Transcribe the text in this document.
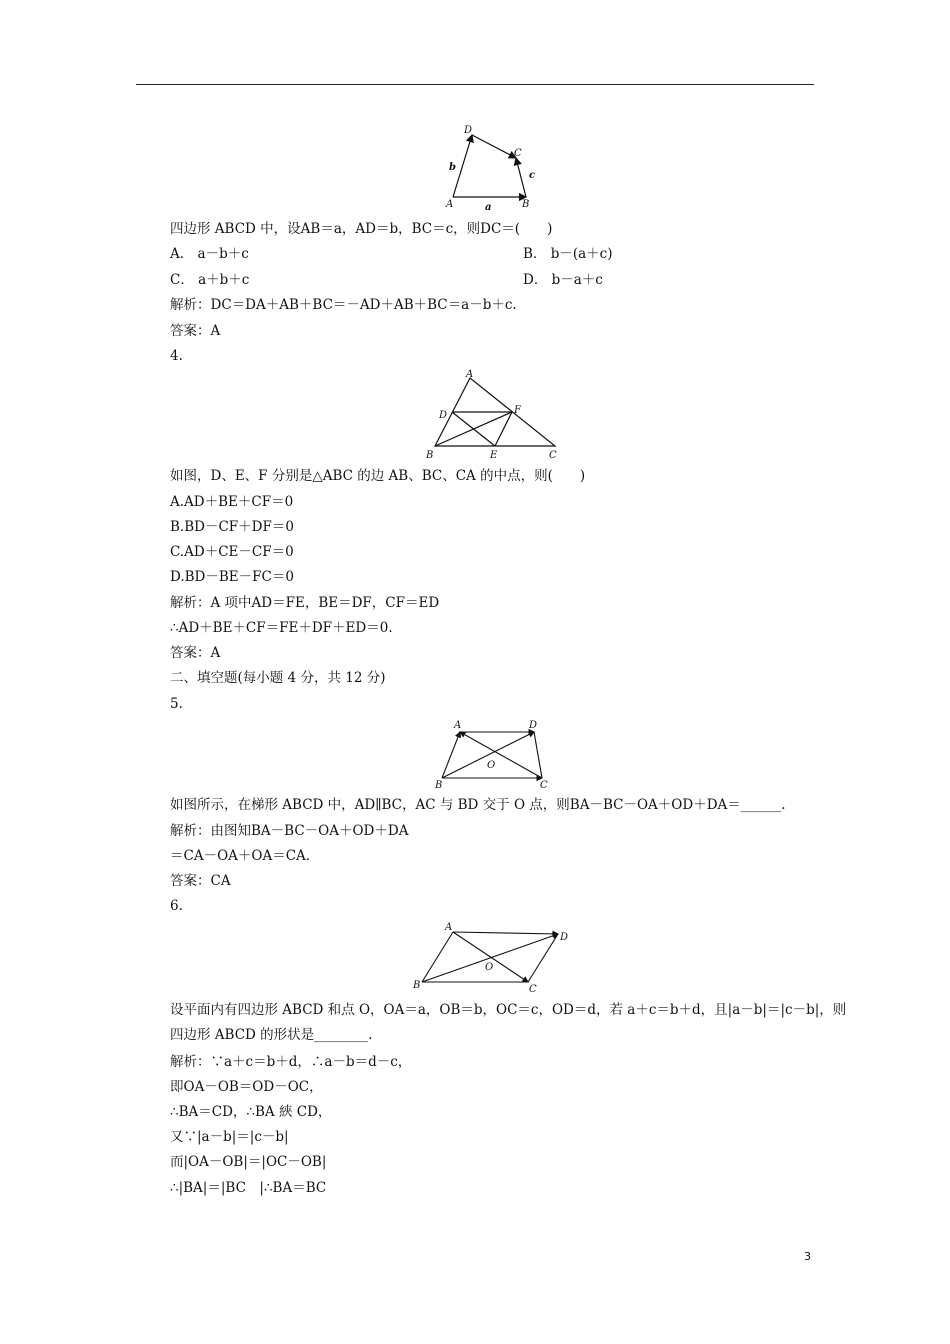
D
C
A	B
a
b
c
四边形 ABCD 中，设AB＝a，AD＝b，BC＝c，则DC＝(　　)
A． a－b＋c	B． b－(a＋c)
C． a＋b＋c	D． b－a＋c
解析：DC＝DA＋AB＋BC＝－AD＋AB＋BC＝a－b＋c.
答案：A
4.
A
D	F
B	E	C
如图，D、E、F 分别是△ABC 的边 AB、BC、CA 的中点，则(　　)
A.AD＋BE＋CF＝0
B.BD－CF＋DF＝0
C.AD＋CE－CF＝0
D.BD－BE－FC＝0
解析：A 项中AD＝FE，BE＝DF，CF＝ED
∴AD＋BE＋CF＝FE＋DF＋ED＝0.
答案：A
二、填空题(每小题 4 分，共 12 分)
5.
A	D
O
B	C
如图所示，在梯形 ABCD 中，AD∥BC，AC 与 BD 交于 O 点，则BA－BC－OA＋OD＋DA＝______.
解析：由图知BA－BC－OA＋OD＋DA
＝CA－OA＋OA＝CA.
答案：CA
6.
A
D
O
B	C
设平面内有四边形 ABCD 和点 O，OA＝a，OB＝b，OC＝c，OD＝d，若 a＋c＝b＋d，且|a－b|＝|c－b|，则四边形 ABCD 的形状是________.
解析：∵a＋c＝b＋d，∴a－b＝d－c，
即OA－OB＝OD－OC，
∴BA＝CD，∴BA 綊 CD，
又∵|a－b|＝|c－b|
而|OA－OB|＝|OC－OB|
∴|BA|＝|BC　|∴BA＝BC
3
